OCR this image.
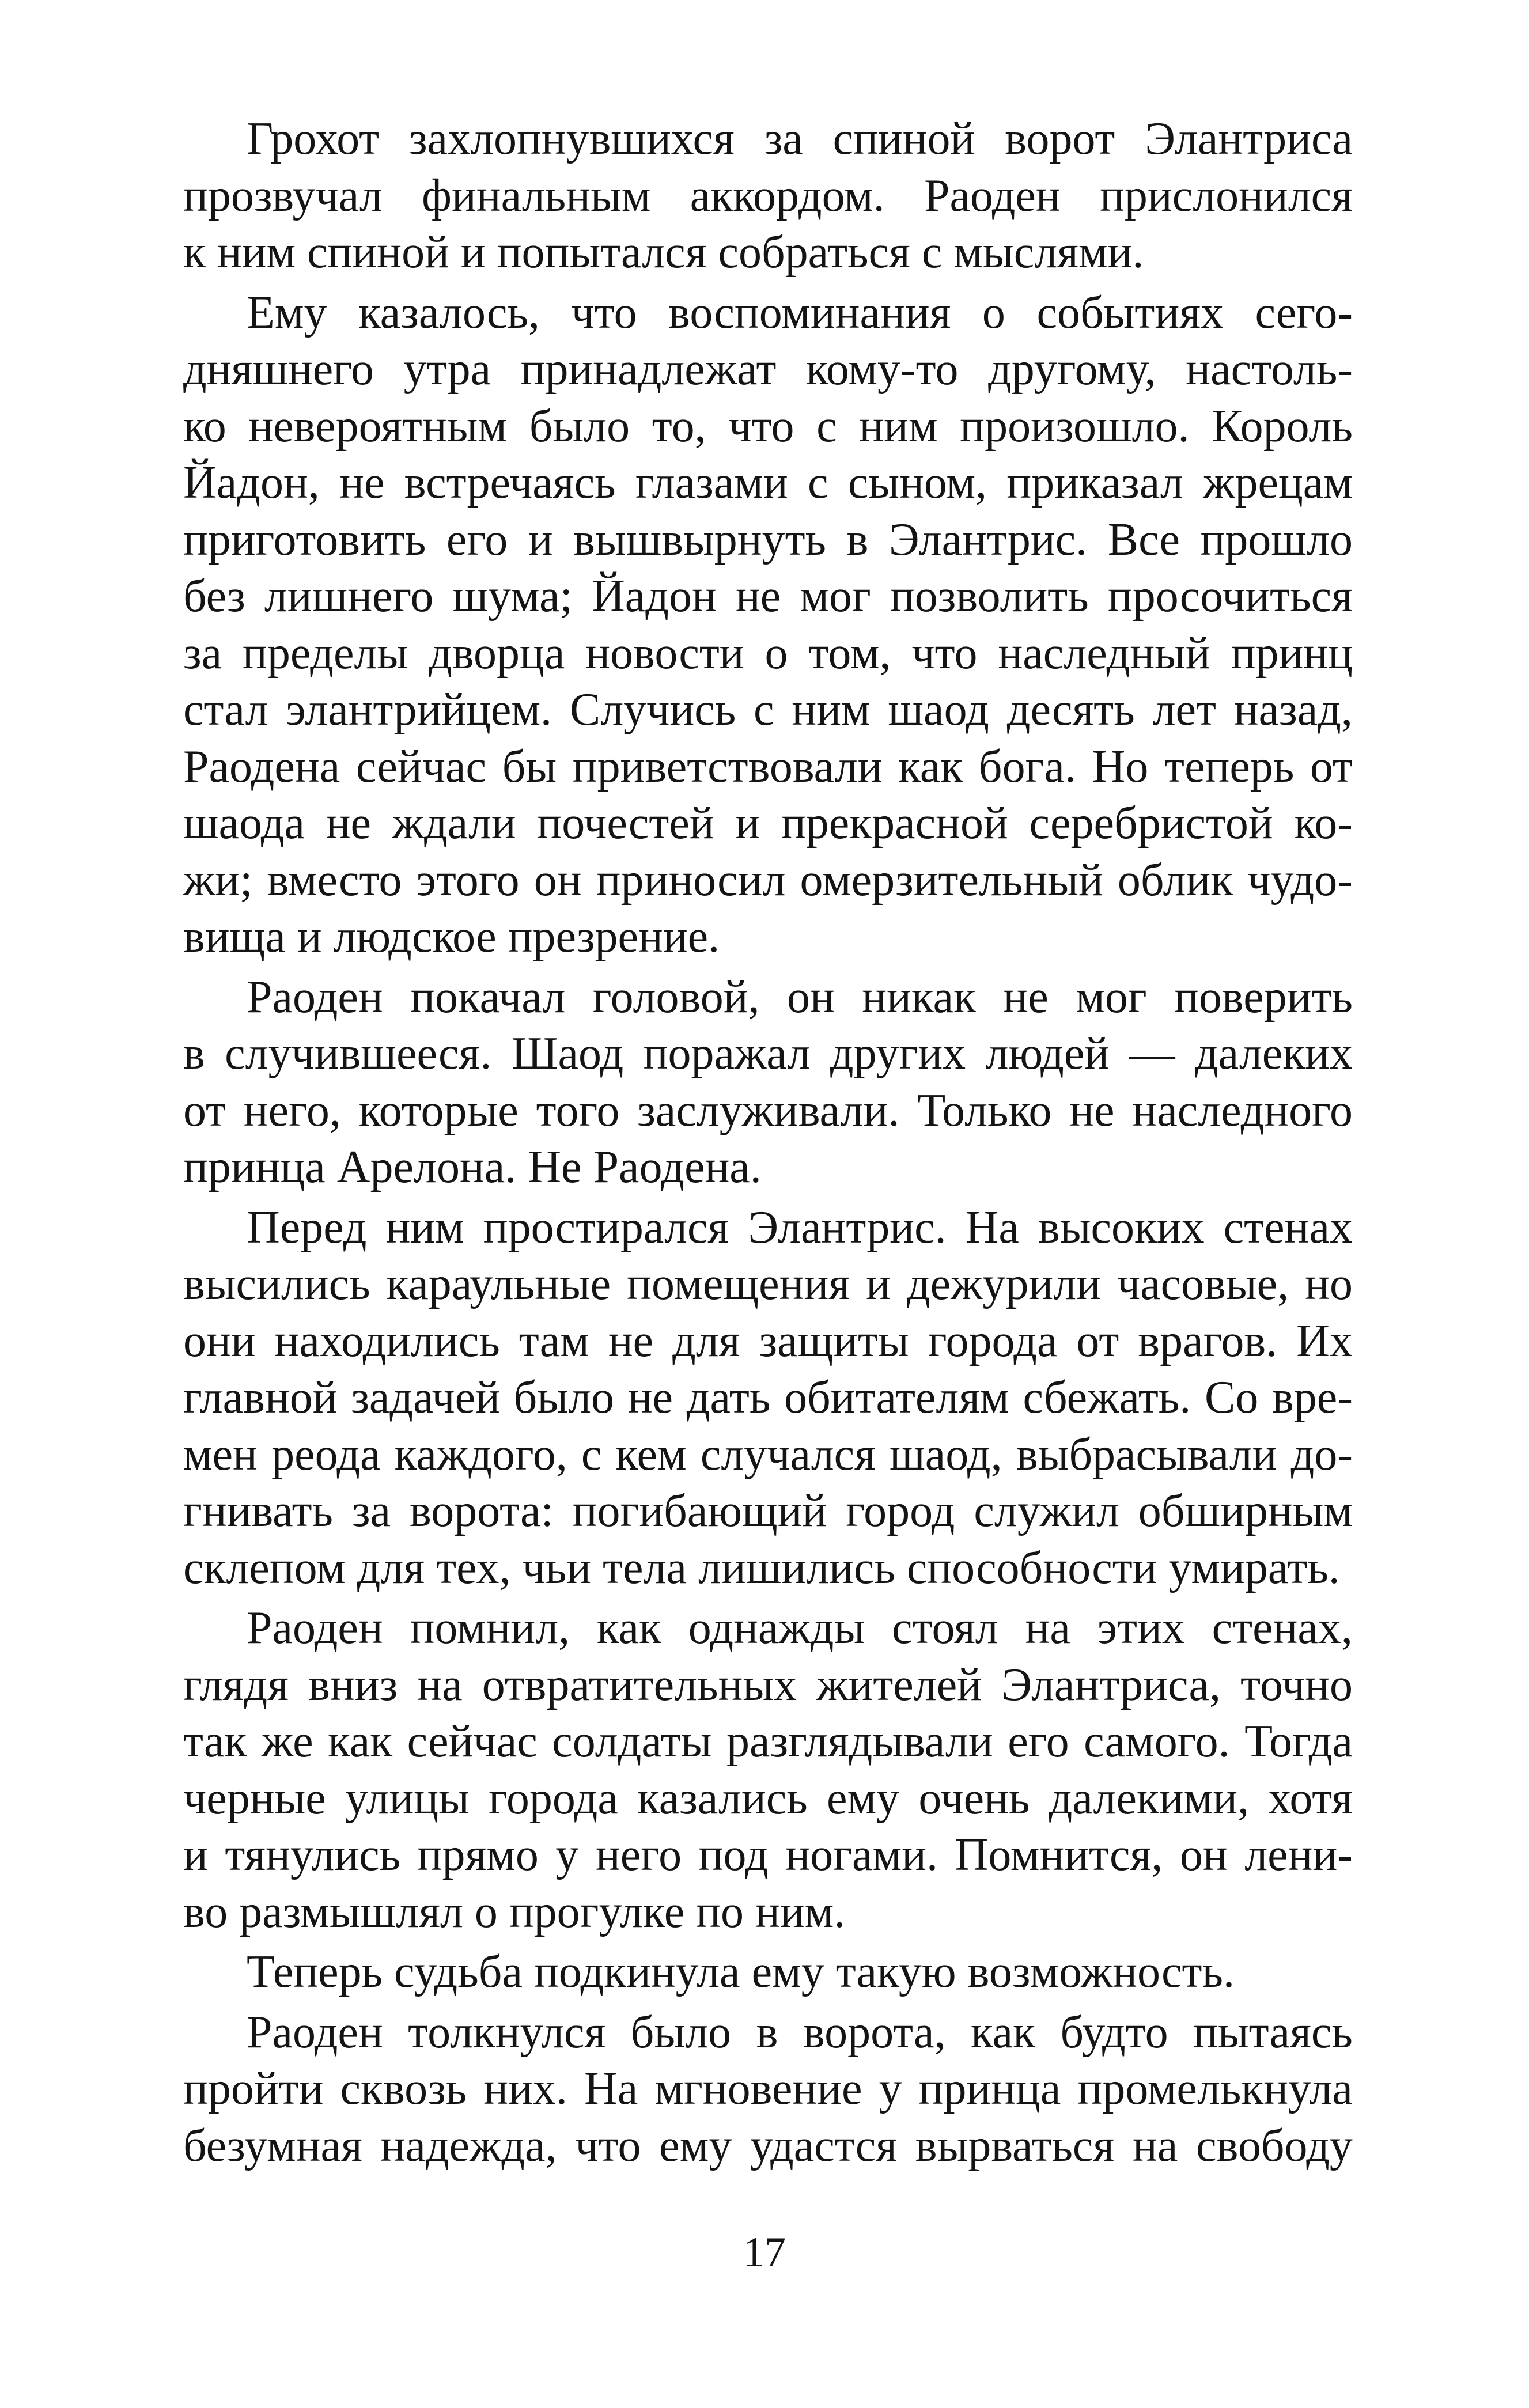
Грохот захлопнувшихся за спиной ворот Элантриса
прозвучал финальным аккордом. Раоден прислонился
к ним спиной и попытался собраться с мыслями.

Ему казалось, что воспоминания о событиях сего-
дняшнего утра принадлежат кому-то другому, настоль-
ко невероятным было то, что с ним произошло. Король
Йадон, не встречаясь глазами с сыном, приказал жрецам
приготовить его и вышвырнуть в Элантрис. Все прошло
без лишнего шума; Йадон не мог позволить просочиться
за пределы дворца новости о том, что наследный принц
стал элантрийцем. Случись с ним шаод десять лет назад,
Раодена сейчас бы приветствовали как бога. Но теперь от
шаода не ждали почестей и прекрасной серебристой ко-
жи; вместо этого он приносил омерзительный облик чудо-
вища и людское презрение.

Раоден покачал головой, он никак не мог поверить
в случившееся. Шаод поражал других людей — далеких
от него, которые того заслуживали. Только не наследного
принца Арелона. Не Раодена.

Перед ним простирался Элантрис. На высоких стенах
высились караульные помещения и дежурили часовые, но
они находились там не для защиты города от врагов. Их
главной задачей было не дать обитателям сбежать. Со вре-
мен реода каждого, с кем случался шаод, выбрасывали до-
гнивать за ворота: погибающий город служил обширным
склепом для тех, чьи тела лишились способности умирать.

Раоден помнил, как однажды стоял на этих стенах,
глядя вниз на отвратительных жителей Элантриса, точно
так же как сейчас солдаты разглядывали его самого. Тогда
черные улицы города казались ему очень далекими, хотя
и тянулись прямо у него под ногами. Помнится, он лени-
во размышлял о прогулке по ним.

Теперь судьба подкинула ему такую возможность.

Раоден толкнулся было в ворота, как будто пытаясь
пройти сквозь них. На мгновение у принца промелькнула
безумная надежда, что ему удастся вырваться на свободу

17
